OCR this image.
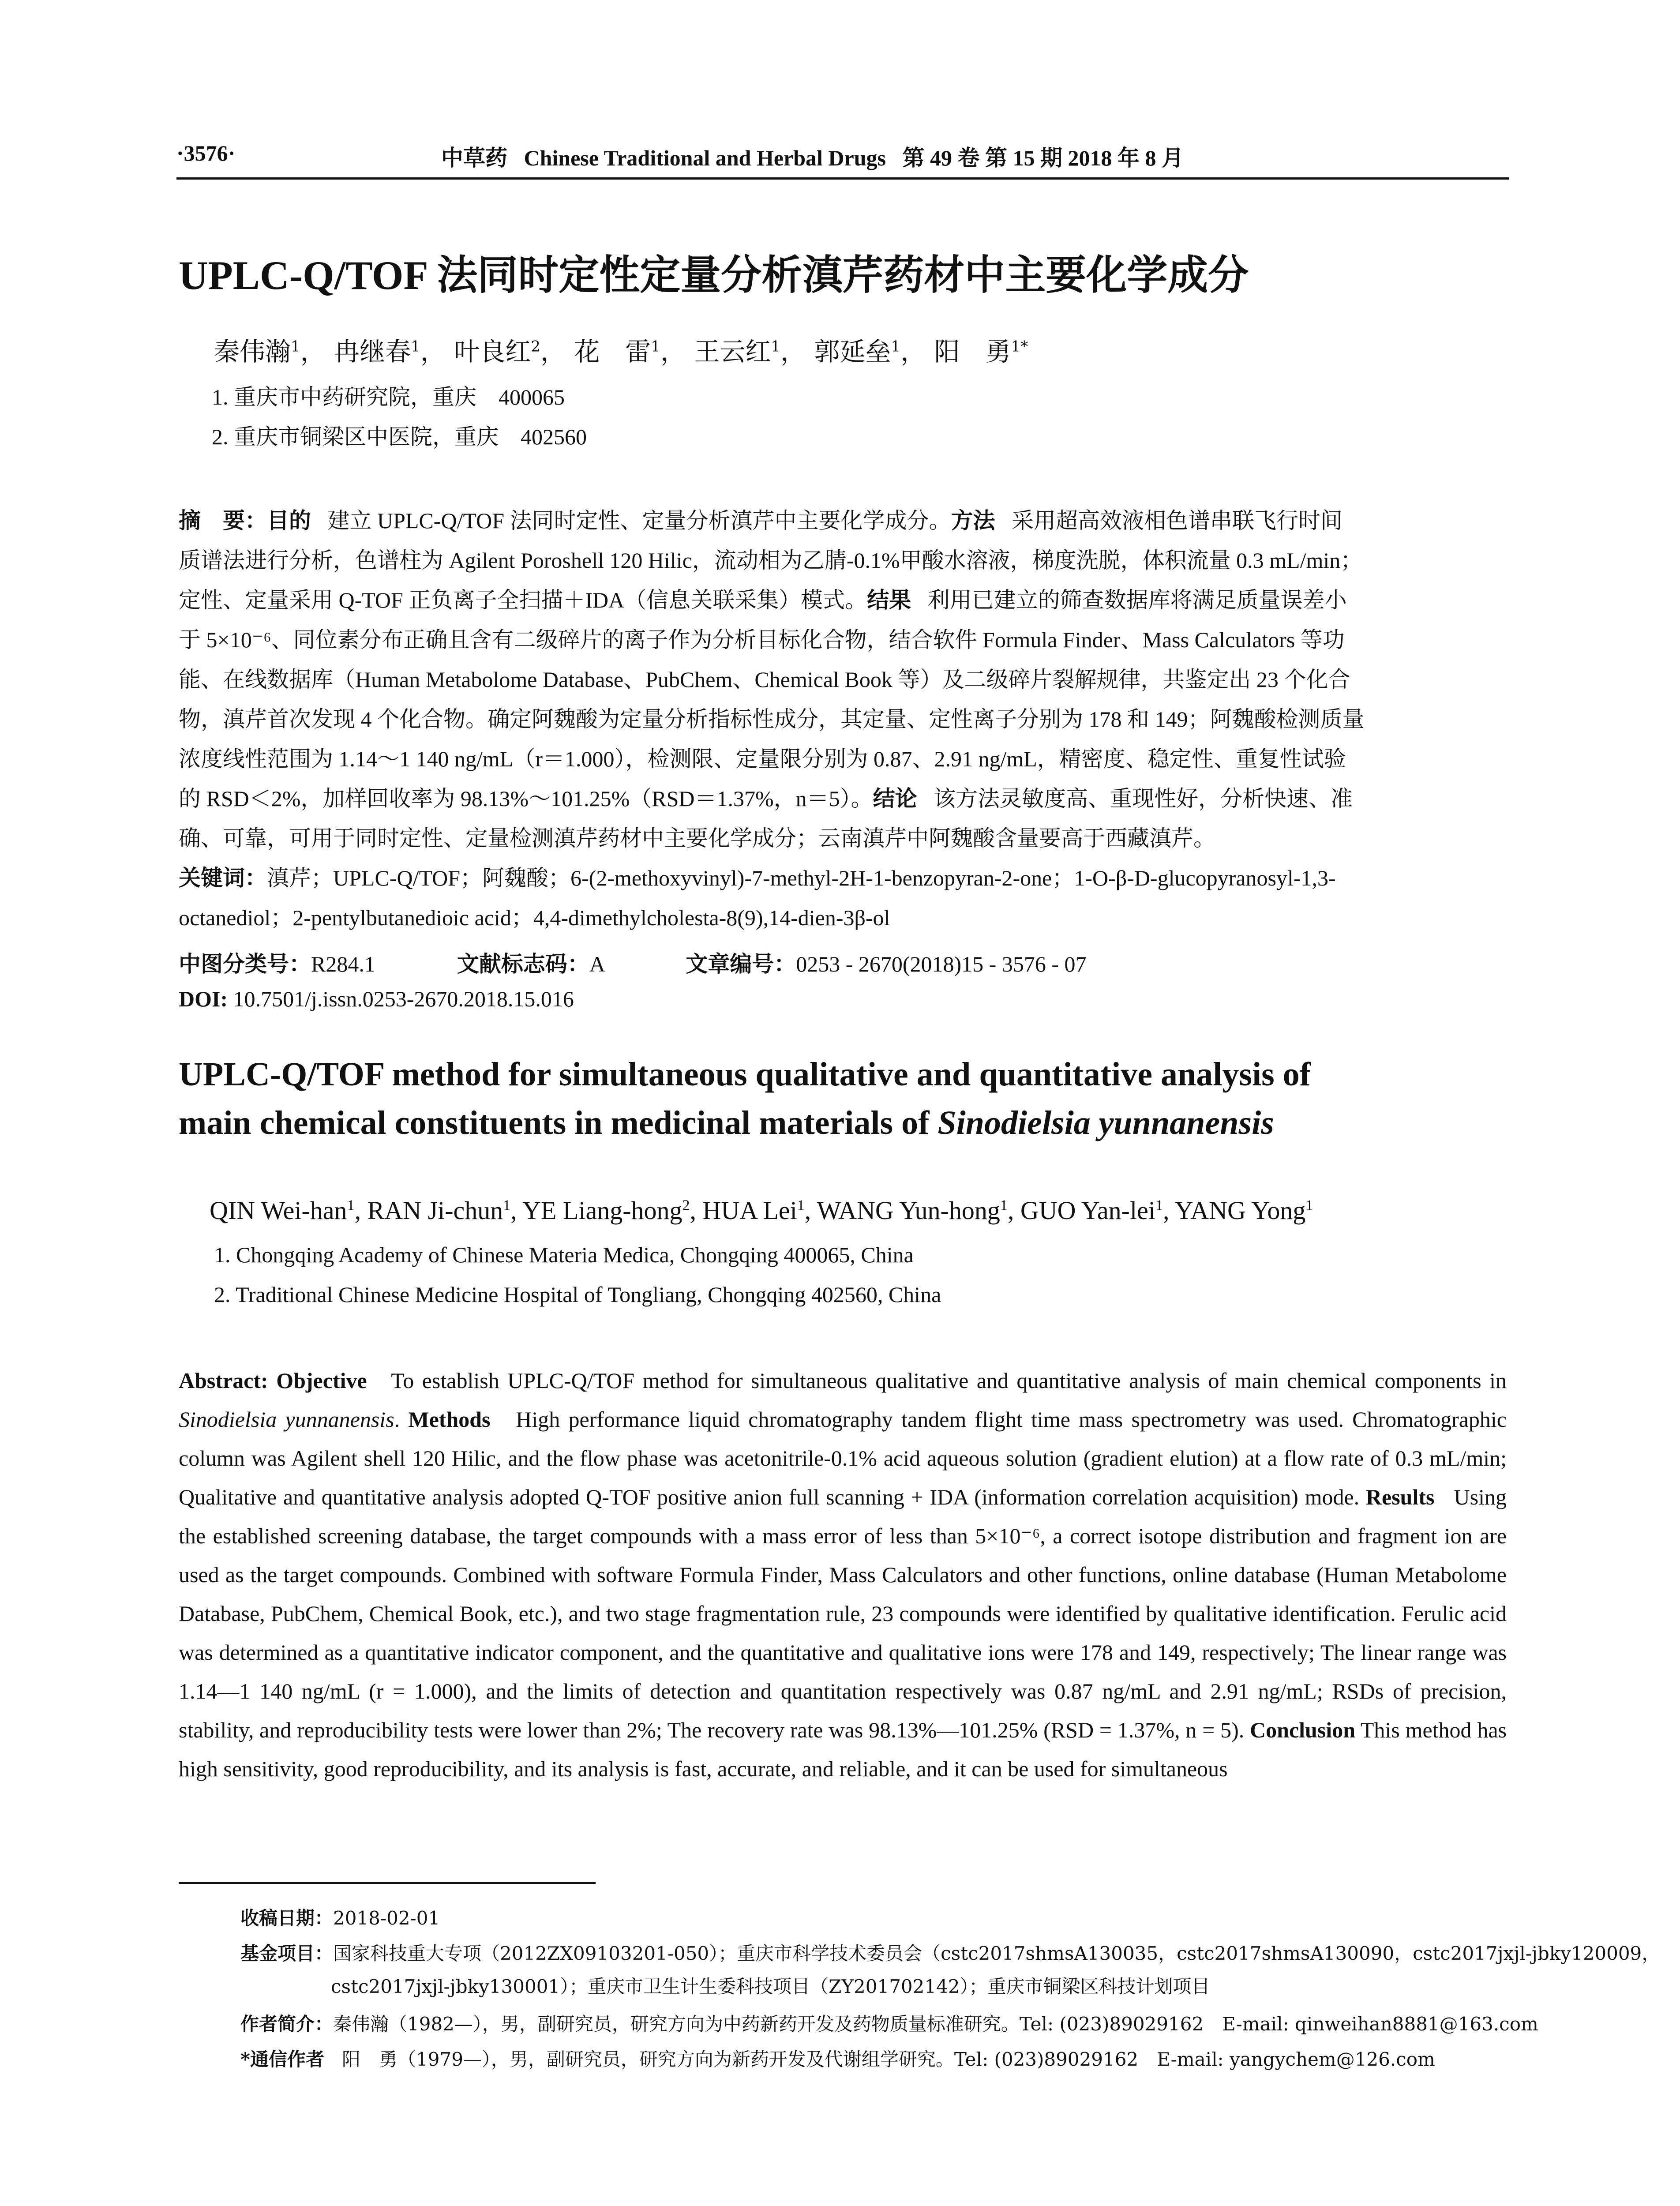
·3576·	中草药 Chinese Traditional and Herbal Drugs 第 49 卷 第 15 期 2018 年 8 月
UPLC-Q/TOF 法同时定性定量分析滇芹药材中主要化学成分
秦伟瀚$^1$， 冉继春$^1$， 叶良红$^2$， 花　雷$^1$， 王云红$^1$， 郭延垒$^1$， 阳　勇$^{1*}$
1. 重庆市中药研究院，重庆　400065
2. 重庆市铜梁区中医院，重庆　402560
摘　要：目的 建立 UPLC-Q/TOF 法同时定性、定量分析滇芹中主要化学成分。方法 采用超高效液相色谱串联飞行时间
质谱法进行分析，色谱柱为 Agilent Poroshell 120 Hilic，流动相为乙腈-0.1%甲酸水溶液，梯度洗脱，体积流量 0.3 mL/min；
定性、定量采用 Q-TOF 正负离子全扫描＋IDA（信息关联采集）模式。结果 利用已建立的筛查数据库将满足质量误差小
于 5×10⁻⁶、同位素分布正确且含有二级碎片的离子作为分析目标化合物，结合软件 Formula Finder、Mass Calculators 等功
能、在线数据库（Human Metabolome Database、PubChem、Chemical Book 等）及二级碎片裂解规律，共鉴定出 23 个化合
物，滇芹首次发现 4 个化合物。确定阿魏酸为定量分析指标性成分，其定量、定性离子分别为 178 和 149；阿魏酸检测质量
浓度线性范围为 1.14～1 140 ng/mL（r＝1.000），检测限、定量限分别为 0.87、2.91 ng/mL，精密度、稳定性、重复性试验
的 RSD＜2%，加样回收率为 98.13%～101.25%（RSD＝1.37%，n＝5）。结论 该方法灵敏度高、重现性好，分析快速、准
确、可靠，可用于同时定性、定量检测滇芹药材中主要化学成分；云南滇芹中阿魏酸含量要高于西藏滇芹。
关键词：滇芹；UPLC-Q/TOF；阿魏酸；6-(2-methoxyvinyl)-7-methyl-2H-1-benzopyran-2-one；1-O-β-D-glucopyranosyl-1,3-
octanediol；2-pentylbutanedioic acid；4,4-dimethylcholesta-8(9),14-dien-3β-ol
中图分类号：R284.1	文献标志码：A	文章编号：0253 - 2670(2018)15 - 3576 - 07
DOI: 10.7501/j.issn.0253-2670.2018.15.016
UPLC-Q/TOF method for simultaneous qualitative and quantitative analysis of
main chemical constituents in medicinal materials of Sinodielsia yunnanensis
QIN Wei-han$^1$, RAN Ji-chun$^1$, YE Liang-hong$^2$, HUA Lei$^1$, WANG Yun-hong$^1$, GUO Yan-lei$^1$, YANG Yong$^1$
1. Chongqing Academy of Chinese Materia Medica, Chongqing 400065, China
2. Traditional Chinese Medicine Hospital of Tongliang, Chongqing 402560, China

Abstract: Objective To establish UPLC-Q/TOF method for simultaneous qualitative and quantitative analysis of main chemical components in Sinodielsia yunnanensis. Methods High performance liquid chromatography tandem flight time mass spectrometry was used. Chromatographic column was Agilent shell 120 Hilic, and the flow phase was acetonitrile-0.1% acid aqueous solution (gradient elution) at a flow rate of 0.3 mL/min; Qualitative and quantitative analysis adopted Q-TOF positive anion full scanning + IDA (information correlation acquisition) mode. Results Using the established screening database, the target compounds with a mass error of less than 5×10⁻⁶, a correct isotope distribution and fragment ion are used as the target compounds. Combined with software Formula Finder, Mass Calculators and other functions, online database (Human Metabolome Database, PubChem, Chemical Book, etc.), and two stage fragmentation rule, 23 compounds were identified by qualitative identification. Ferulic acid was determined as a quantitative indicator component, and the quantitative and qualitative ions were 178 and 149, respectively; The linear range was 1.14—1 140 ng/mL (r = 1.000), and the limits of detection and quantitation respectively was 0.87 ng/mL and 2.91 ng/mL; RSDs of precision, stability, and reproducibility tests were lower than 2%; The recovery rate was 98.13%—101.25% (RSD = 1.37%, n = 5). Conclusion This method has high sensitivity, good reproducibility, and its analysis is fast, accurate, and reliable, and it can be used for simultaneous

收稿日期：2018-02-01
基金项目：国家科技重大专项（2012ZX09103201-050）；重庆市科学技术委员会（cstc2017shmsA130035，cstc2017shmsA130090，cstc2017jxjl-jbky120009，
cstc2017jxjl-jbky130001）；重庆市卫生计生委科技项目（ZY201702142）；重庆市铜梁区科技计划项目
作者简介：秦伟瀚（1982—），男，副研究员，研究方向为中药新药开发及药物质量标准研究。Tel: (023)89029162　E-mail: qinweihan8881@163.com
*通信作者 阳　勇（1979—），男，副研究员，研究方向为新药开发及代谢组学研究。Tel: (023)89029162　E-mail: yangychem@126.com
